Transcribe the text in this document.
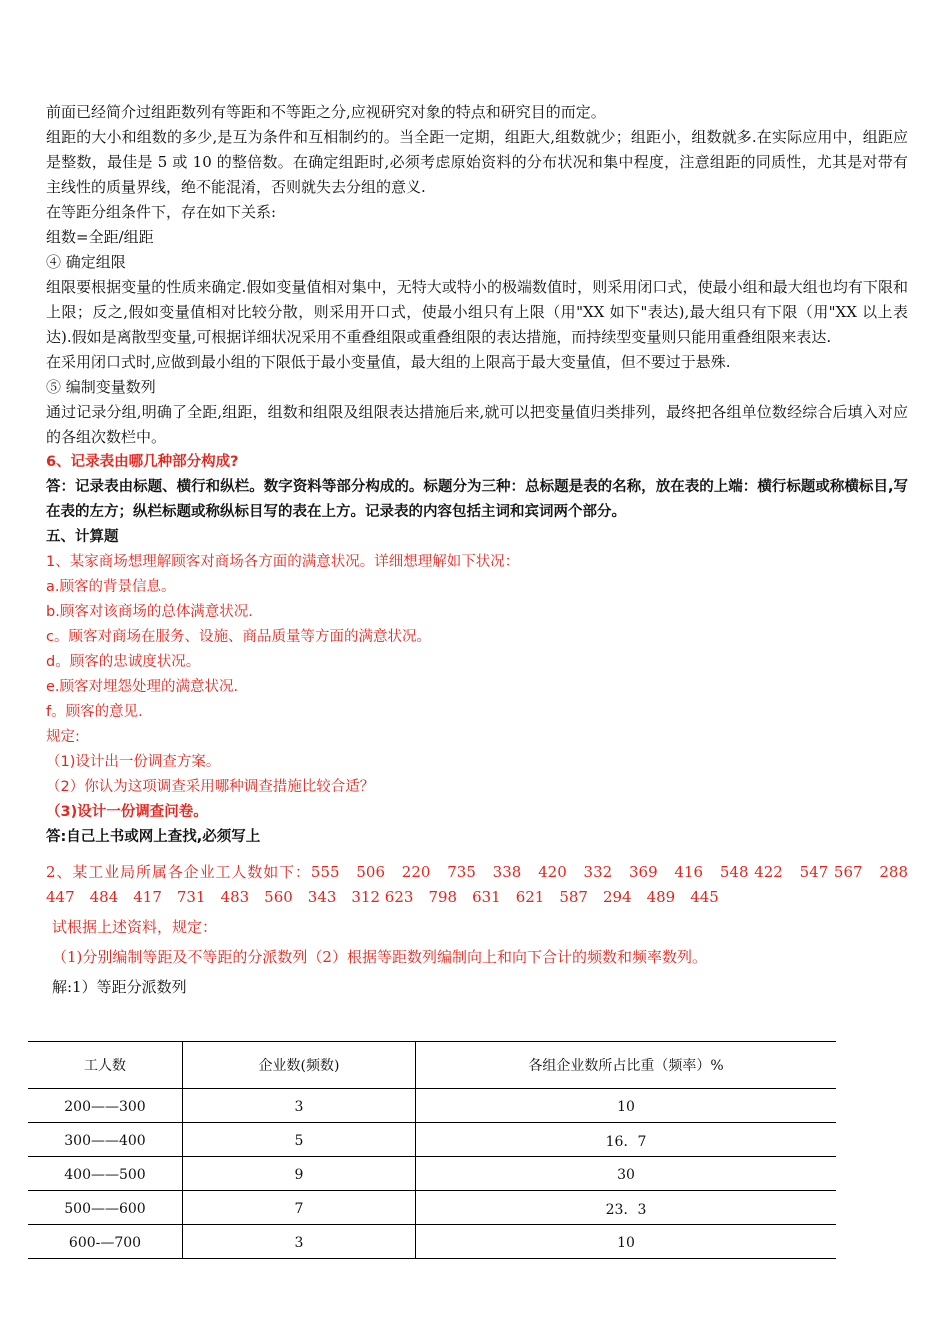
前面已经简介过组距数列有等距和不等距之分,应视研究对象的特点和研究目的而定。

组距的大小和组数的多少,是互为条件和互相制约的。当全距一定期，组距大,组数就少；组距小，组数就多.在实际应用中，组距应是整数，最佳是 5 或 10 的整倍数。在确定组距时,必须考虑原始资料的分布状况和集中程度，注意组距的同质性，尤其是对带有主线性的质量界线，绝不能混淆，否则就失去分组的意义.

在等距分组条件下，存在如下关系:

组数=全距/组距

④ 确定组限

组限要根据变量的性质来确定.假如变量值相对集中，无特大或特小的极端数值时，则采用闭口式，使最小组和最大组也均有下限和上限；反之,假如变量值相对比较分散，则采用开口式，使最小组只有上限（用"XX 如下"表达),最大组只有下限（用"XX 以上表达).假如是离散型变量,可根据详细状况采用不重叠组限或重叠组限的表达措施，而持续型变量则只能用重叠组限来表达.

在采用闭口式时,应做到最小组的下限低于最小变量值，最大组的上限高于最大变量值，但不要过于悬殊.

⑤ 编制变量数列

通过记录分组,明确了全距,组距，组数和组限及组限表达措施后来,就可以把变量值归类排列，最终把各组单位数经综合后填入对应的各组次数栏中。

6、记录表由哪几种部分构成?

答：记录表由标题、横行和纵栏。数字资料等部分构成的。标题分为三种：总标题是表的名称，放在表的上端：横行标题或称横标目,写在表的左方；纵栏标题或称纵标目写的表在上方。记录表的内容包括主词和宾词两个部分。

五、计算题

1、某家商场想理解顾客对商场各方面的满意状况。详细想理解如下状况：

a.顾客的背景信息。

b.顾客对该商场的总体满意状况.

c。顾客对商场在服务、设施、商品质量等方面的满意状况。

d。顾客的忠诚度状况。

e.顾客对埋怨处理的满意状况.

f。顾客的意见.

规定:

（1)设计出一份调查方案。

（2）你认为这项调查采用哪种调查措施比较合适？

（3)设计一份调查问卷。

答:自己上书或网上查找,必须写上

2、某工业局所属各企业工人数如下：555　506　220　735　338　420　332　369　416　548 422　547 567　288　447　484　417　731　483　560　343　312 623　798　631　621　587　294　489　445

试根据上述资料，规定：

（1)分别编制等距及不等距的分派数列（2）根据等距数列编制向上和向下合计的频数和频率数列。

解:1）等距分派数列

工人数	企业数(频数)	各组企业数所占比重（频率）%
200——300	3	10
300——400	5	16．7
400——500	9	30
500——600	7	23．3
600-—700	3	10
